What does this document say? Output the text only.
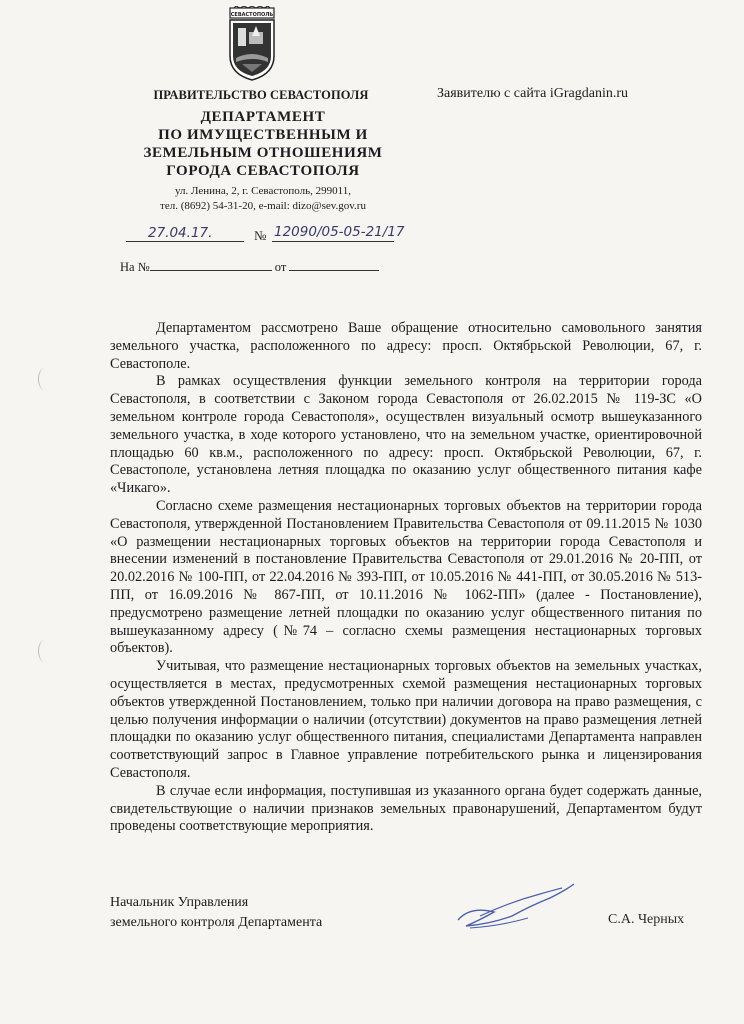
СЕВАСТОПОЛЬ
ПРАВИТЕЛЬСТВО СЕВАСТОПОЛЯ
ДЕПАРТАМЕНТ
ПО ИМУЩЕСТВЕННЫМ И
ЗЕМЕЛЬНЫМ ОТНОШЕНИЯМ
ГОРОДА СЕВАСТОПОЛЯ
ул. Ленина, 2, г. Севастополь, 299011,
тел. (8692) 54-31-20, e-mail: dizo@sev.gov.ru
Заявителю с сайта iGragdanin.ru
27.04.17.	№ 12090/05-05-21/17
На №	от

Департаментом рассмотрено Ваше обращение относительно самовольного занятия земельного участка, расположенного по адресу: просп. Октябрьской Революции, 67, г. Севастополе.

В рамках осуществления функции земельного контроля на территории города Севастополя, в соответствии с Законом города Севастополя от 26.02.2015 № 119-ЗС «О земельном контроле города Севастополя», осуществлен визуальный осмотр вышеуказанного земельного участка, в ходе которого установлено, что на земельном участке, ориентировочной площадью 60 кв.м., расположенного по адресу: просп. Октябрьской Революции, 67, г. Севастополе, установлена летняя площадка по оказанию услуг общественного питания кафе «Чикаго».

Согласно схеме размещения нестационарных торговых объектов на территории города Севастополя, утвержденной Постановлением Правительства Севастополя от 09.11.2015 № 1030 «О размещении нестационарных торговых объектов на территории города Севастополя и внесении изменений в постановление Правительства Севастополя от 29.01.2016 № 20-ПП, от 20.02.2016 № 100-ПП, от 22.04.2016 № 393-ПП, от 10.05.2016 № 441-ПП, от 30.05.2016 № 513-ПП, от 16.09.2016 № 867-ПП, от 10.11.2016 № 1062-ПП» (далее - Постановление), предусмотрено размещение летней площадки по оказанию услуг общественного питания по вышеуказанному адресу (№74 – согласно схемы размещения нестационарных торговых объектов).

Учитывая, что размещение нестационарных торговых объектов на земельных участках, осуществляется в местах, предусмотренных схемой размещения нестационарных торговых объектов утвержденной Постановлением, только при наличии договора на право размещения, с целью получения информации о наличии (отсутствии) документов на право размещения летней площадки по оказанию услуг общественного питания, специалистами Департамента направлен соответствующий запрос в Главное управление потребительского рынка и лицензирования Севастополя.

В случае если информация, поступившая из указанного органа будет содержать данные, свидетельствующие о наличии признаков земельных правонарушений, Департаментом будут проведены соответствующие мероприятия.

Начальник Управления
земельного контроля Департамента	С.А. Черных
